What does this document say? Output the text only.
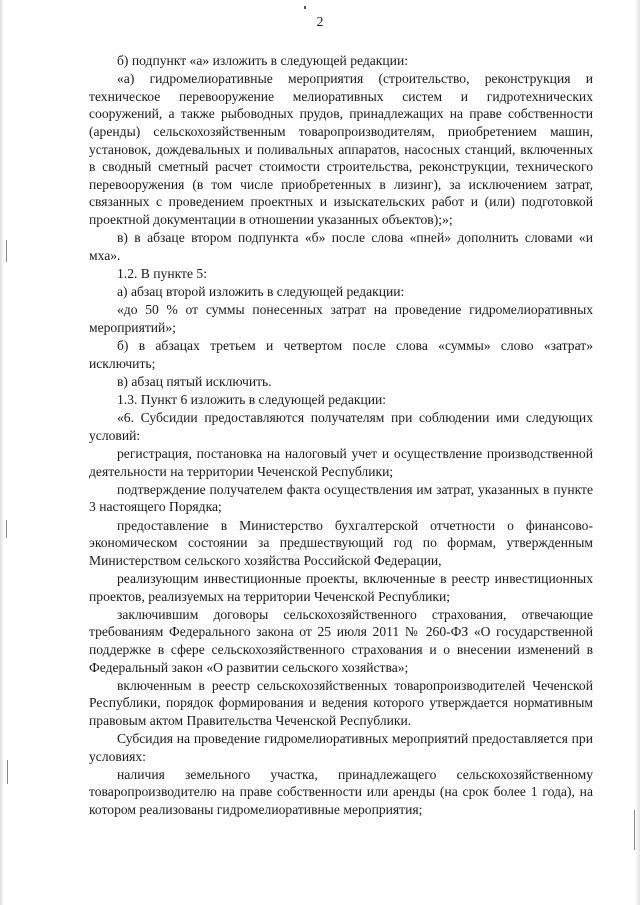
2

б) подпункт «а» изложить в следующей редакции:

«а) гидромелиоративные мероприятия (строительство, реконструкция и техническое перевооружение мелиоративных систем и гидротехнических сооружений, а также рыбоводных прудов, принадлежащих на праве собственности (аренды) сельскохозяйственным товаропроизводителям, приобретением машин, установок, дождевальных и поливальных аппаратов, насосных станций, включенных в сводный сметный расчет стоимости строительства, реконструкции, технического перевооружения (в том числе приобретенных в лизинг), за исключением затрат, связанных с проведением проектных и изыскательских работ и (или) подготовкой проектной документации в отношении указанных объектов);»;

в) в абзаце втором подпункта «б» после слова «пней» дополнить словами «и мха».

1.2. В пункте 5:

а) абзац второй изложить в следующей редакции:

«до 50 % от суммы понесенных затрат на проведение гидромелиоративных мероприятий»;

б) в абзацах третьем и четвертом после слова «суммы» слово «затрат» исключить;

в) абзац пятый исключить.

1.3. Пункт 6 изложить в следующей редакции:

«6. Субсидии предоставляются получателям при соблюдении ими следующих условий:

регистрация, постановка на налоговый учет и осуществление производственной деятельности на территории Чеченской Республики;

подтверждение получателем факта осуществления им затрат, указанных в пункте 3 настоящего Порядка;

предоставление в Министерство бухгалтерской отчетности о финансово-экономическом состоянии за предшествующий год по формам, утвержденным Министерством сельского хозяйства Российской Федерации,

реализующим инвестиционные проекты, включенные в реестр инвестиционных проектов, реализуемых на территории Чеченской Республики;

заключившим договоры сельскохозяйственного страхования, отвечающие требованиям Федерального закона от 25 июля 2011 № 260-ФЗ «О государственной поддержке в сфере сельскохозяйственного страхования и о внесении изменений в Федеральный закон «О развитии сельского хозяйства»;

включенным в реестр сельскохозяйственных товаропроизводителей Чеченской Республики, порядок формирования и ведения которого утверждается нормативным правовым актом Правительства Чеченской Республики.

Субсидия на проведение гидромелиоративных мероприятий предоставляется при условиях:

наличия земельного участка, принадлежащего сельскохозяйственному товаропроизводителю на праве собственности или аренды (на срок более 1 года), на котором реализованы гидромелиоративные мероприятия;
